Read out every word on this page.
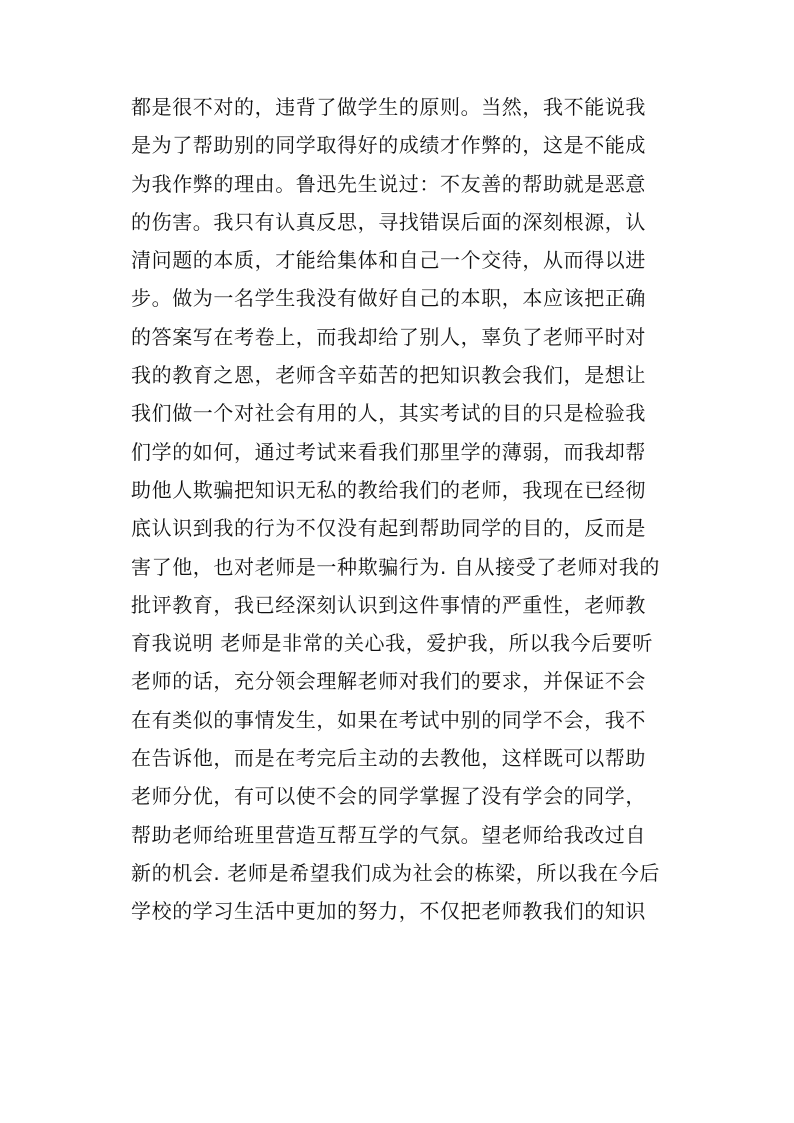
都是很不对的，违背了做学生的原则。当然，我不能说我
是为了帮助别的同学取得好的成绩才作弊的，这是不能成
为我作弊的理由。鲁迅先生说过：不友善的帮助就是恶意
的伤害。我只有认真反思，寻找错误后面的深刻根源，认
清问题的本质，才能给集体和自己一个交待，从而得以进
步。做为一名学生我没有做好自己的本职，本应该把正确
的答案写在考卷上，而我却给了别人，辜负了老师平时对
我的教育之恩，老师含辛茹苦的把知识教会我们，是想让
我们做一个对社会有用的人，其实考试的目的只是检验我
们学的如何，通过考试来看我们那里学的薄弱，而我却帮
助他人欺骗把知识无私的教给我们的老师，我现在已经彻
底认识到我的行为不仅没有起到帮助同学的目的，反而是
害了他，也对老师是一种欺骗行为. 自从接受了老师对我的
批评教育，我已经深刻认识到这件事情的严重性，老师教
育我说明 老师是非常的关心我，爱护我，所以我今后要听
老师的话，充分领会理解老师对我们的要求，并保证不会
在有类似的事情发生，如果在考试中别的同学不会，我不
在告诉他，而是在考完后主动的去教他，这样既可以帮助
老师分优，有可以使不会的同学掌握了没有学会的同学，
帮助老师给班里营造互帮互学的气氛。望老师给我改过自
新的机会. 老师是希望我们成为社会的栋梁，所以我在今后
学校的学习生活中更加的努力，不仅把老师教我们的知识
